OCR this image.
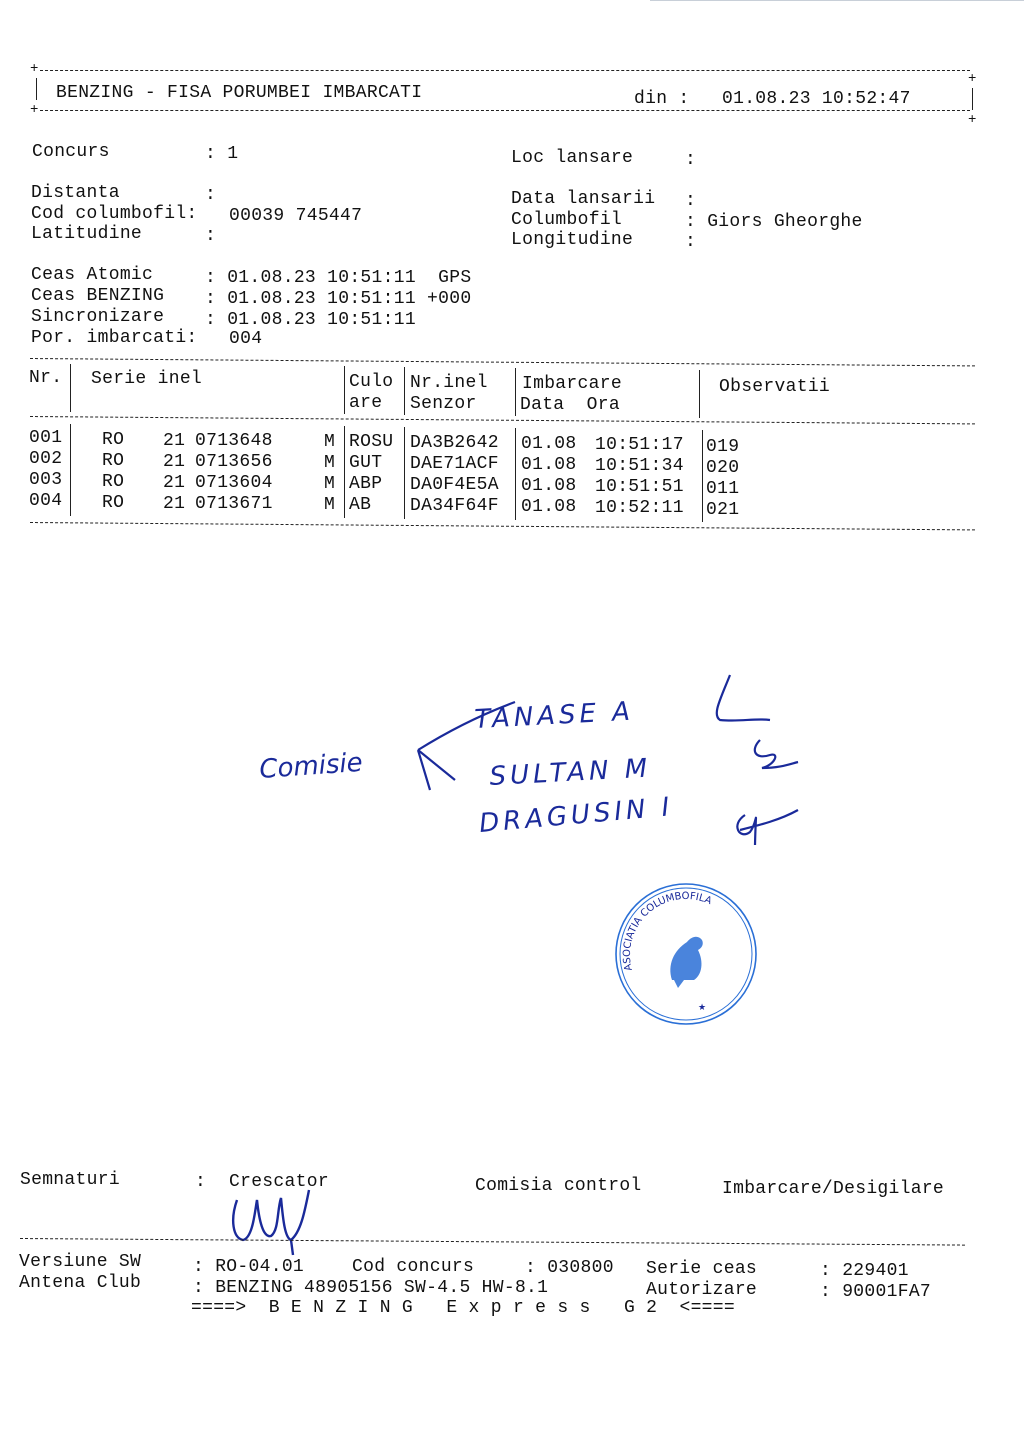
+
+
BENZING - FISA PORUMBEI IMBARCATI	din : 01.08.23 10:52:47
+
+
Concurs	: 1	Loc lansare	:
Distanta	:
Cod columbofil: 00039 745447
Latitudine	:
Data lansarii :
Columbofil	: Giors Gheorghe
Longitudine	:
Ceas Atomic	: 01.08.23 10:51:11  GPS
Ceas BENZING : 01.08.23 10:51:11 +000
Sincronizare : 01.08.23 10:51:11
Por. imbarcati: 004
Nr. Serie inel	Culo
are
Nr.inel
Senzor
Imbarcare
Data  Ora
Observatii
001 RO 21 0713648	M ROSU DA3B2642 01.08 10:51:17 019
002 RO 21 0713656	M GUT DAE71ACF 01.08 10:51:34 020
003 RO 21 0713604	M ABP DA0F4E5A 01.08 10:51:51 011
004 RO 21 0713671	M AB DA34F64F 01.08 10:52:11 021
Comisie
TANASE A
SULTAN M
DRAGUSIN I
ASOCIATIA COLUMBOFILA
★
Semnaturi	: Crescator	Comisia control	Imbarcare/Desigilare
Versiune SW
Antena Club
: RO-04.01	Cod concurs	: 030800 Serie ceas	: 229401
: BENZING 48905156 SW-4.5 HW-8.1	Autorizare	: 90001FA7
====>  B E N Z I N G   E x p r e s s   G 2  <====
